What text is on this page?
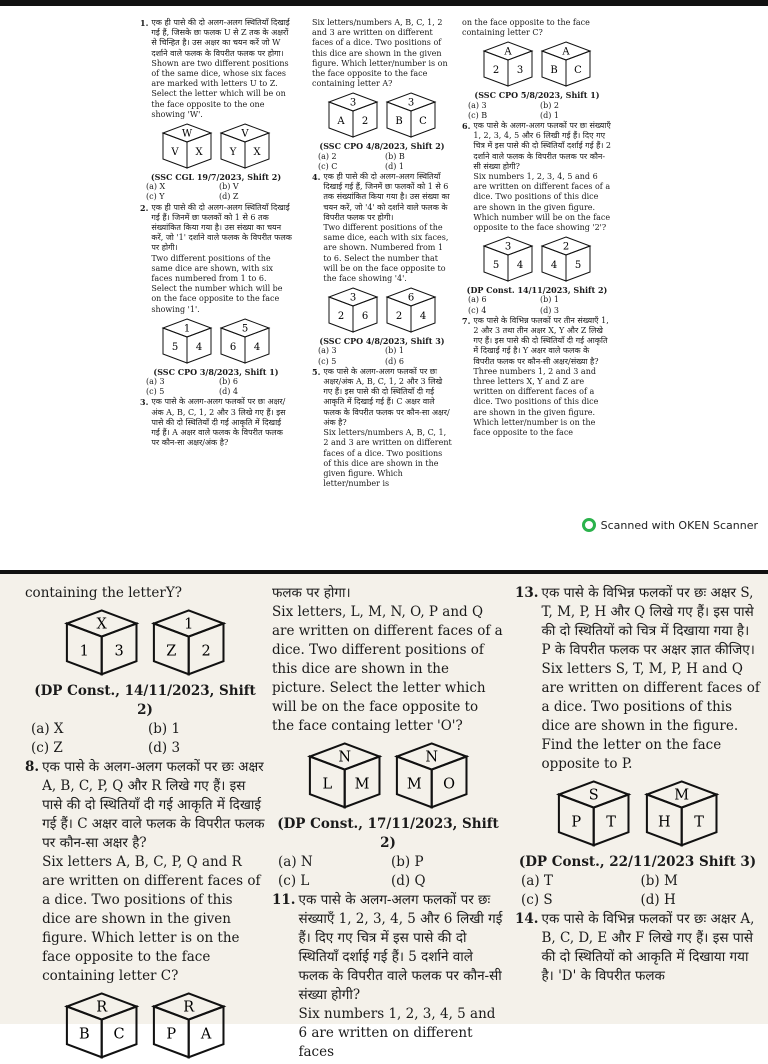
1. एक ही पासे की दो अलग-अलग स्थितियाँ दिखाई गई हैं, जिसके छः फलक U से Z तक के अक्षरों से चिन्हित है। उस अक्षर का चयन करें जो W दर्शाने वाले फलक के विपरीत फलक पर होगा।
Shown are two different positions of the same dice, whose six faces are marked with letters U to Z. Select the letter which will be on the face opposite to the one showing 'W'.
W
V X
V
Y X
(SSC CGL 19/7/2023, Shift 2)
(a) X	(b) V
(c) Y	(d) Z
2. एक ही पासे की दो अलग-अलग स्थितियाँ दिखाई गई हैं। जिनमें छः फलकों को 1 से 6 तक संख्यांकित किया गया है। उस संख्या का चयन करें, जो '1' दर्शाने वाले फलक के विपरीत फलक पर होगी।
Two different positions of the same dice are shown, with six faces numbered from 1 to 6. Select the number which will be on the face opposite to the face showing '1'.
1
5 4
5
6 4
(SSC CPO 3/8/2023, Shift 1)
(a) 3	(b) 6
(c) 5	(d) 4
3. एक पासे के अलग-अलग फलकों पर छः अक्षर/अंक A, B, C, 1, 2 और 3 लिखे गए हैं। इस पासे की दो स्थितियाँ दी गई आकृति में दिखाई गई हैं। A अक्षर वाले फलक के विपरीत फलक पर कौन-सा अक्षर/अंक है?
Six letters/numbers A, B, C, 1, 2 and 3 are written on different faces of a dice. Two positions of this dice are shown in the given figure. Which letter/number is on the face opposite to the face containing letter A?
3
A 2
3
B C
(SSC CPO 4/8/2023, Shift 2)
(a) 2	(b) B
(c) C	(d) 1
4. एक ही पासे की दो अलग-अलग स्थितियाँ दिखाई गई हैं, जिनमें छः फलकों को 1 से 6 तक संख्यांकित किया गया है। उस संख्या का चयन करें, जो '4' को दर्शाने वाले फलक के विपरीत फलक पर होगी।
Two different positions of the same dice, each with six faces, are shown. Numbered from 1 to 6. Select the number that will be on the face opposite to the face showing '4'.
3
2 6
6
2 4
(SSC CPO 4/8/2023, Shift 3)
(a) 3	(b) 1
(c) 5	(d) 6
5. एक पासे के अलग-अलग फलकों पर छः अक्षर/अंक A, B, C, 1, 2 और 3 लिखे गए हैं। इस पासे की दो स्थितियाँ दी गई आकृति में दिखाई गई हैं। C अक्षर वाले फलक के विपरीत फलक पर कौन-सा अक्षर/अंक है?
Six letters/numbers A, B, C, 1, 2 and 3 are written on different faces of a dice. Two positions of this dice are shown in the given figure. Which letter/number is
on the face opposite to the face containing letter C?
A
2 3
A
B C
(SSC CPO 5/8/2023, Shift 1)
(a) 3	(b) 2
(c) B	(d) 1
6. एक पासे के अलग-अलग फलकों पर छः संख्याएँ 1, 2, 3, 4, 5 और 6 लिखी गई हैं। दिए गए चित्र में इस पासे की दो स्थितियाँ दर्शाई गई हैं। 2 दर्शाने वाले फलक के विपरीत फलक पर कौन-सी संख्या होगी?
Six numbers 1, 2, 3, 4, 5 and 6 are written on different faces of a dice. Two positions of this dice are shown in the given figure. Which number will be on the face opposite to the face showing '2'?
3
5 4
2
4 5
(DP Const. 14/11/2023, Shift 2)
(a) 6	(b) 1
(c) 4	(d) 3
7. एक पासे के विभिन्न फलकों पर तीन संख्याएँ 1, 2 और 3 तथा तीन अक्षर X, Y और Z लिखे गए हैं। इस पासे की दो स्थितियाँ दी गई आकृति में दिखाई गई है। Y अक्षर वाले फलक के विपरीत फलक पर कौन-सी अक्षर/संख्या है?
Three numbers 1, 2 and 3 and three letters X, Y and Z are written on different faces of a dice. Two positions of this dice are shown in the given figure. Which letter/number is on the face opposite to the face
Scanned with OKEN Scanner
containing the letterY?
X
1	3
1
Z	2
(DP Const., 14/11/2023, Shift 2)
(a) X	(b) 1
(c) Z	(d) 3
8. एक पासे के अलग-अलग फलकों पर छः अक्षर A, B, C, P, Q और R लिखे गए हैं। इस पासे की दो स्थितियाँ दी गई आकृति में दिखाई गई हैं। C अक्षर वाले फलक के विपरीत फलक पर कौन-सा अक्षर है?
Six letters A, B, C, P, Q and R are written on different faces of a dice. Two positions of this dice are shown in the given figure. Which letter is on the face opposite to the face containing letter C?
R
B C
R
P A
फलक पर होगा।
Six letters, L, M, N, O, P and Q are written on different faces of a dice. Two different positions of this dice are shown in the picture. Select the letter which will be on the face opposite to the face containg letter 'O'?
N
L M
N
M O
(DP Const., 17/11/2023, Shift 2)
(a) N	(b) P
(c) L	(d) Q
11. एक पासे के अलग-अलग फलकों पर छः संख्याएँ 1, 2, 3, 4, 5 और 6 लिखी गई हैं। दिए गए चित्र में इस पासे की दो स्थितियाँ दर्शाई गई हैं। 5 दर्शाने वाले फलक के विपरीत वाले फलक पर कौन-सी संख्या होगी?
Six numbers 1, 2, 3, 4, 5 and 6 are written on different faces
13. एक पासे के विभिन्न फलकों पर छः अक्षर S, T, M, P, H और Q लिखे गए हैं। इस पासे की दो स्थितियों को चित्र में दिखाया गया है। P के विपरीत फलक पर अक्षर ज्ञात कीजिए।
Six letters S, T, M, P, H and Q are written on different faces of a dice. Two positions of this dice are shown in the figure. Find the letter on the face opposite to P.
S
P	T
M
H T
(DP Const., 22/11/2023 Shift 3)
(a) T	(b) M
(c) S	(d) H
14. एक पासे के विभिन्न फलकों पर छः अक्षर A, B, C, D, E और F लिखे गए हैं। इस पासे की दो स्थितियों को आकृति में दिखाया गया है। 'D' के विपरीत फलक
